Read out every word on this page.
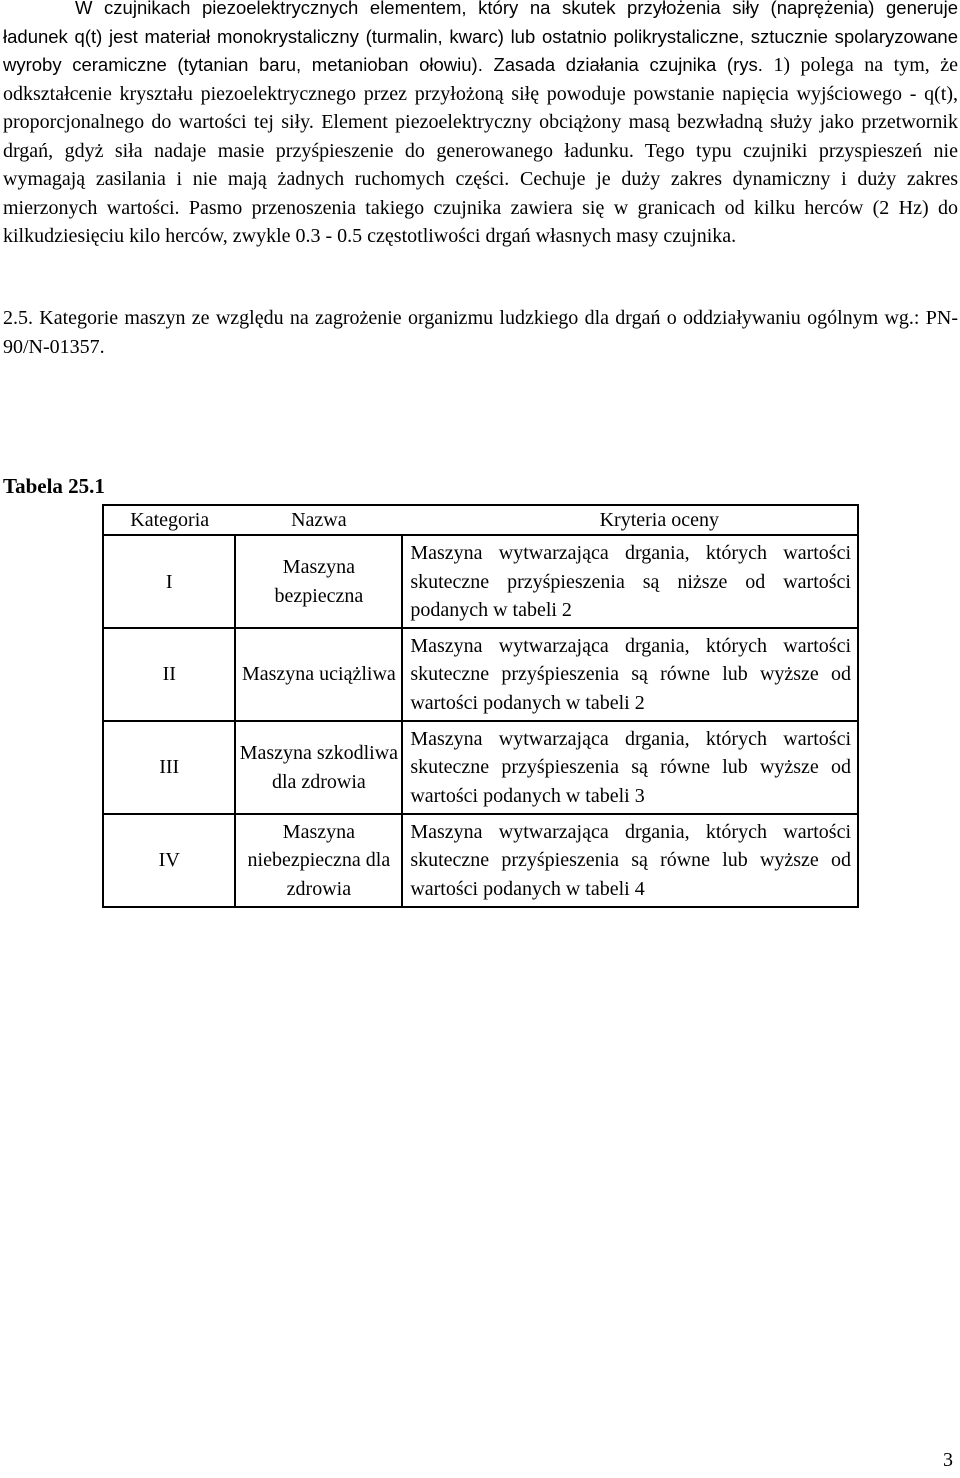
W czujnikach piezoelektrycznych elementem, który na skutek przyłożenia siły (naprężenia) generuje ładunek q(t) jest materiał monokrystaliczny (turmalin, kwarc) lub ostatnio polikrystaliczne, sztucznie spolaryzowane wyroby ceramiczne (tytanian baru, metanioban ołowiu). Zasada działania czujnika (rys. 1) polega na tym, że odkształcenie kryształu piezoelektrycznego przez przyłożoną siłę powoduje powstanie napięcia wyjściowego - q(t), proporcjonalnego do wartości tej siły. Element piezoelektryczny obciążony masą bezwładną służy jako przetwornik drgań, gdyż siła nadaje masie przyśpieszenie do generowanego ładunku. Tego typu czujniki przyspieszeń nie wymagają zasilania i nie mają żadnych ruchomych części. Cechuje je duży zakres dynamiczny i duży zakres mierzonych wartości. Pasmo przenoszenia takiego czujnika zawiera się w granicach od kilku herców (2 Hz) do kilkudziesięciu kilo herców, zwykle 0.3 - 0.5 częstotliwości drgań własnych masy czujnika.

2.5. Kategorie maszyn ze względu na zagrożenie organizmu ludzkiego dla drgań o oddziaływaniu ogólnym wg.: PN-90/N-01357.

Tabela 25.1

Kategoria	Nazwa	Kryteria oceny
I	Maszyna bezpieczna	Maszyna wytwarzająca drgania, których wartości skuteczne przyśpieszenia są niższe od wartości podanych w tabeli 2
II	Maszyna uciążliwa	Maszyna wytwarzająca drgania, których wartości skuteczne przyśpieszenia są równe lub wyższe od wartości podanych w tabeli 2
III	Maszyna szkodliwa dla zdrowia	Maszyna wytwarzająca drgania, których wartości skuteczne przyśpieszenia są równe lub wyższe od wartości podanych w tabeli 3
IV	Maszyna niebezpieczna dla zdrowia	Maszyna wytwarzająca drgania, których wartości skuteczne przyśpieszenia są równe lub wyższe od wartości podanych w tabeli 4

3
